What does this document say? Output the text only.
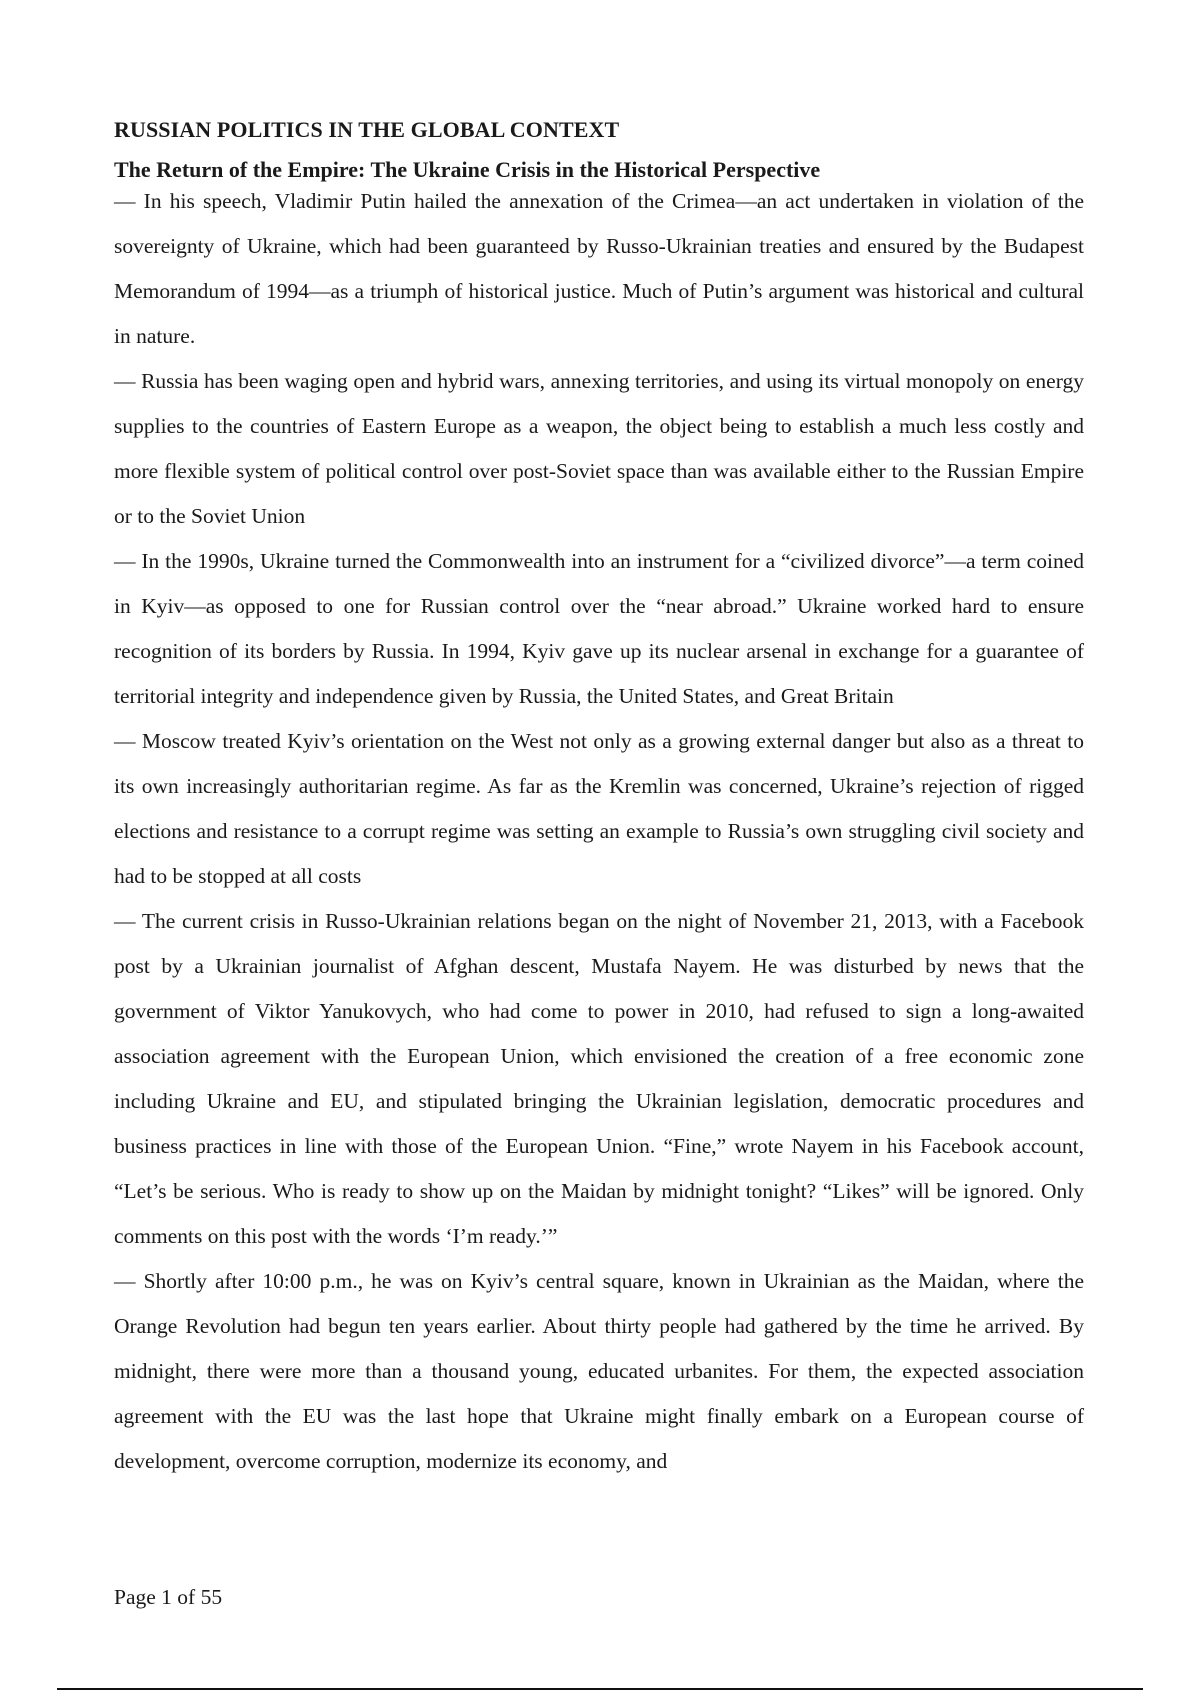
RUSSIAN POLITICS IN THE GLOBAL CONTEXT
The Return of the Empire: The Ukraine Crisis in the Historical Perspective

— In his speech, Vladimir Putin hailed the annexation of the Crimea—an act undertaken in violation of the sovereignty of Ukraine, which had been guaranteed by Russo-Ukrainian treaties and ensured by the Budapest Memorandum of 1994—as a triumph of historical justice. Much of Putin’s argument was historical and cultural in nature.

— Russia has been waging open and hybrid wars, annexing territories, and using its virtual monopoly on energy supplies to the countries of Eastern Europe as a weapon, the object being to establish a much less costly and more flexible system of political control over post-Soviet space than was available either to the Russian Empire or to the Soviet Union

— In the 1990s, Ukraine turned the Commonwealth into an instrument for a “civilized divorce”—a term coined in Kyiv—as opposed to one for Russian control over the “near abroad.” Ukraine worked hard to ensure recognition of its borders by Russia. In 1994, Kyiv gave up its nuclear arsenal in exchange for a guarantee of territorial integrity and independence given by Russia, the United States, and Great Britain

— Moscow treated Kyiv’s orientation on the West not only as a growing external danger but also as a threat to its own increasingly authoritarian regime. As far as the Kremlin was concerned, Ukraine’s rejection of rigged elections and resistance to a corrupt regime was setting an example to Russia’s own struggling civil society and had to be stopped at all costs

— The current crisis in Russo-Ukrainian relations began on the night of November 21, 2013, with a Facebook post by a Ukrainian journalist of Afghan descent, Mustafa Nayem. He was disturbed by news that the government of Viktor Yanukovych, who had come to power in 2010, had refused to sign a long-awaited association agreement with the European Union, which envisioned the creation of a free economic zone including Ukraine and EU, and stipulated bringing the Ukrainian legislation, democratic procedures and business practices in line with those of the European Union. “Fine,” wrote Nayem in his Facebook account, “Let’s be serious. Who is ready to show up on the Maidan by midnight tonight? “Likes” will be ignored. Only comments on this post with the words ‘I’m ready.’”

— Shortly after 10:00 p.m., he was on Kyiv’s central square, known in Ukrainian as the Maidan, where the Orange Revolution had begun ten years earlier. About thirty people had gathered by the time he arrived. By midnight, there were more than a thousand young, educated urbanites. For them, the expected association agreement with the EU was the last hope that Ukraine might finally embark on a European course of development, overcome corruption, modernize its economy, and

Page 1 of 55
